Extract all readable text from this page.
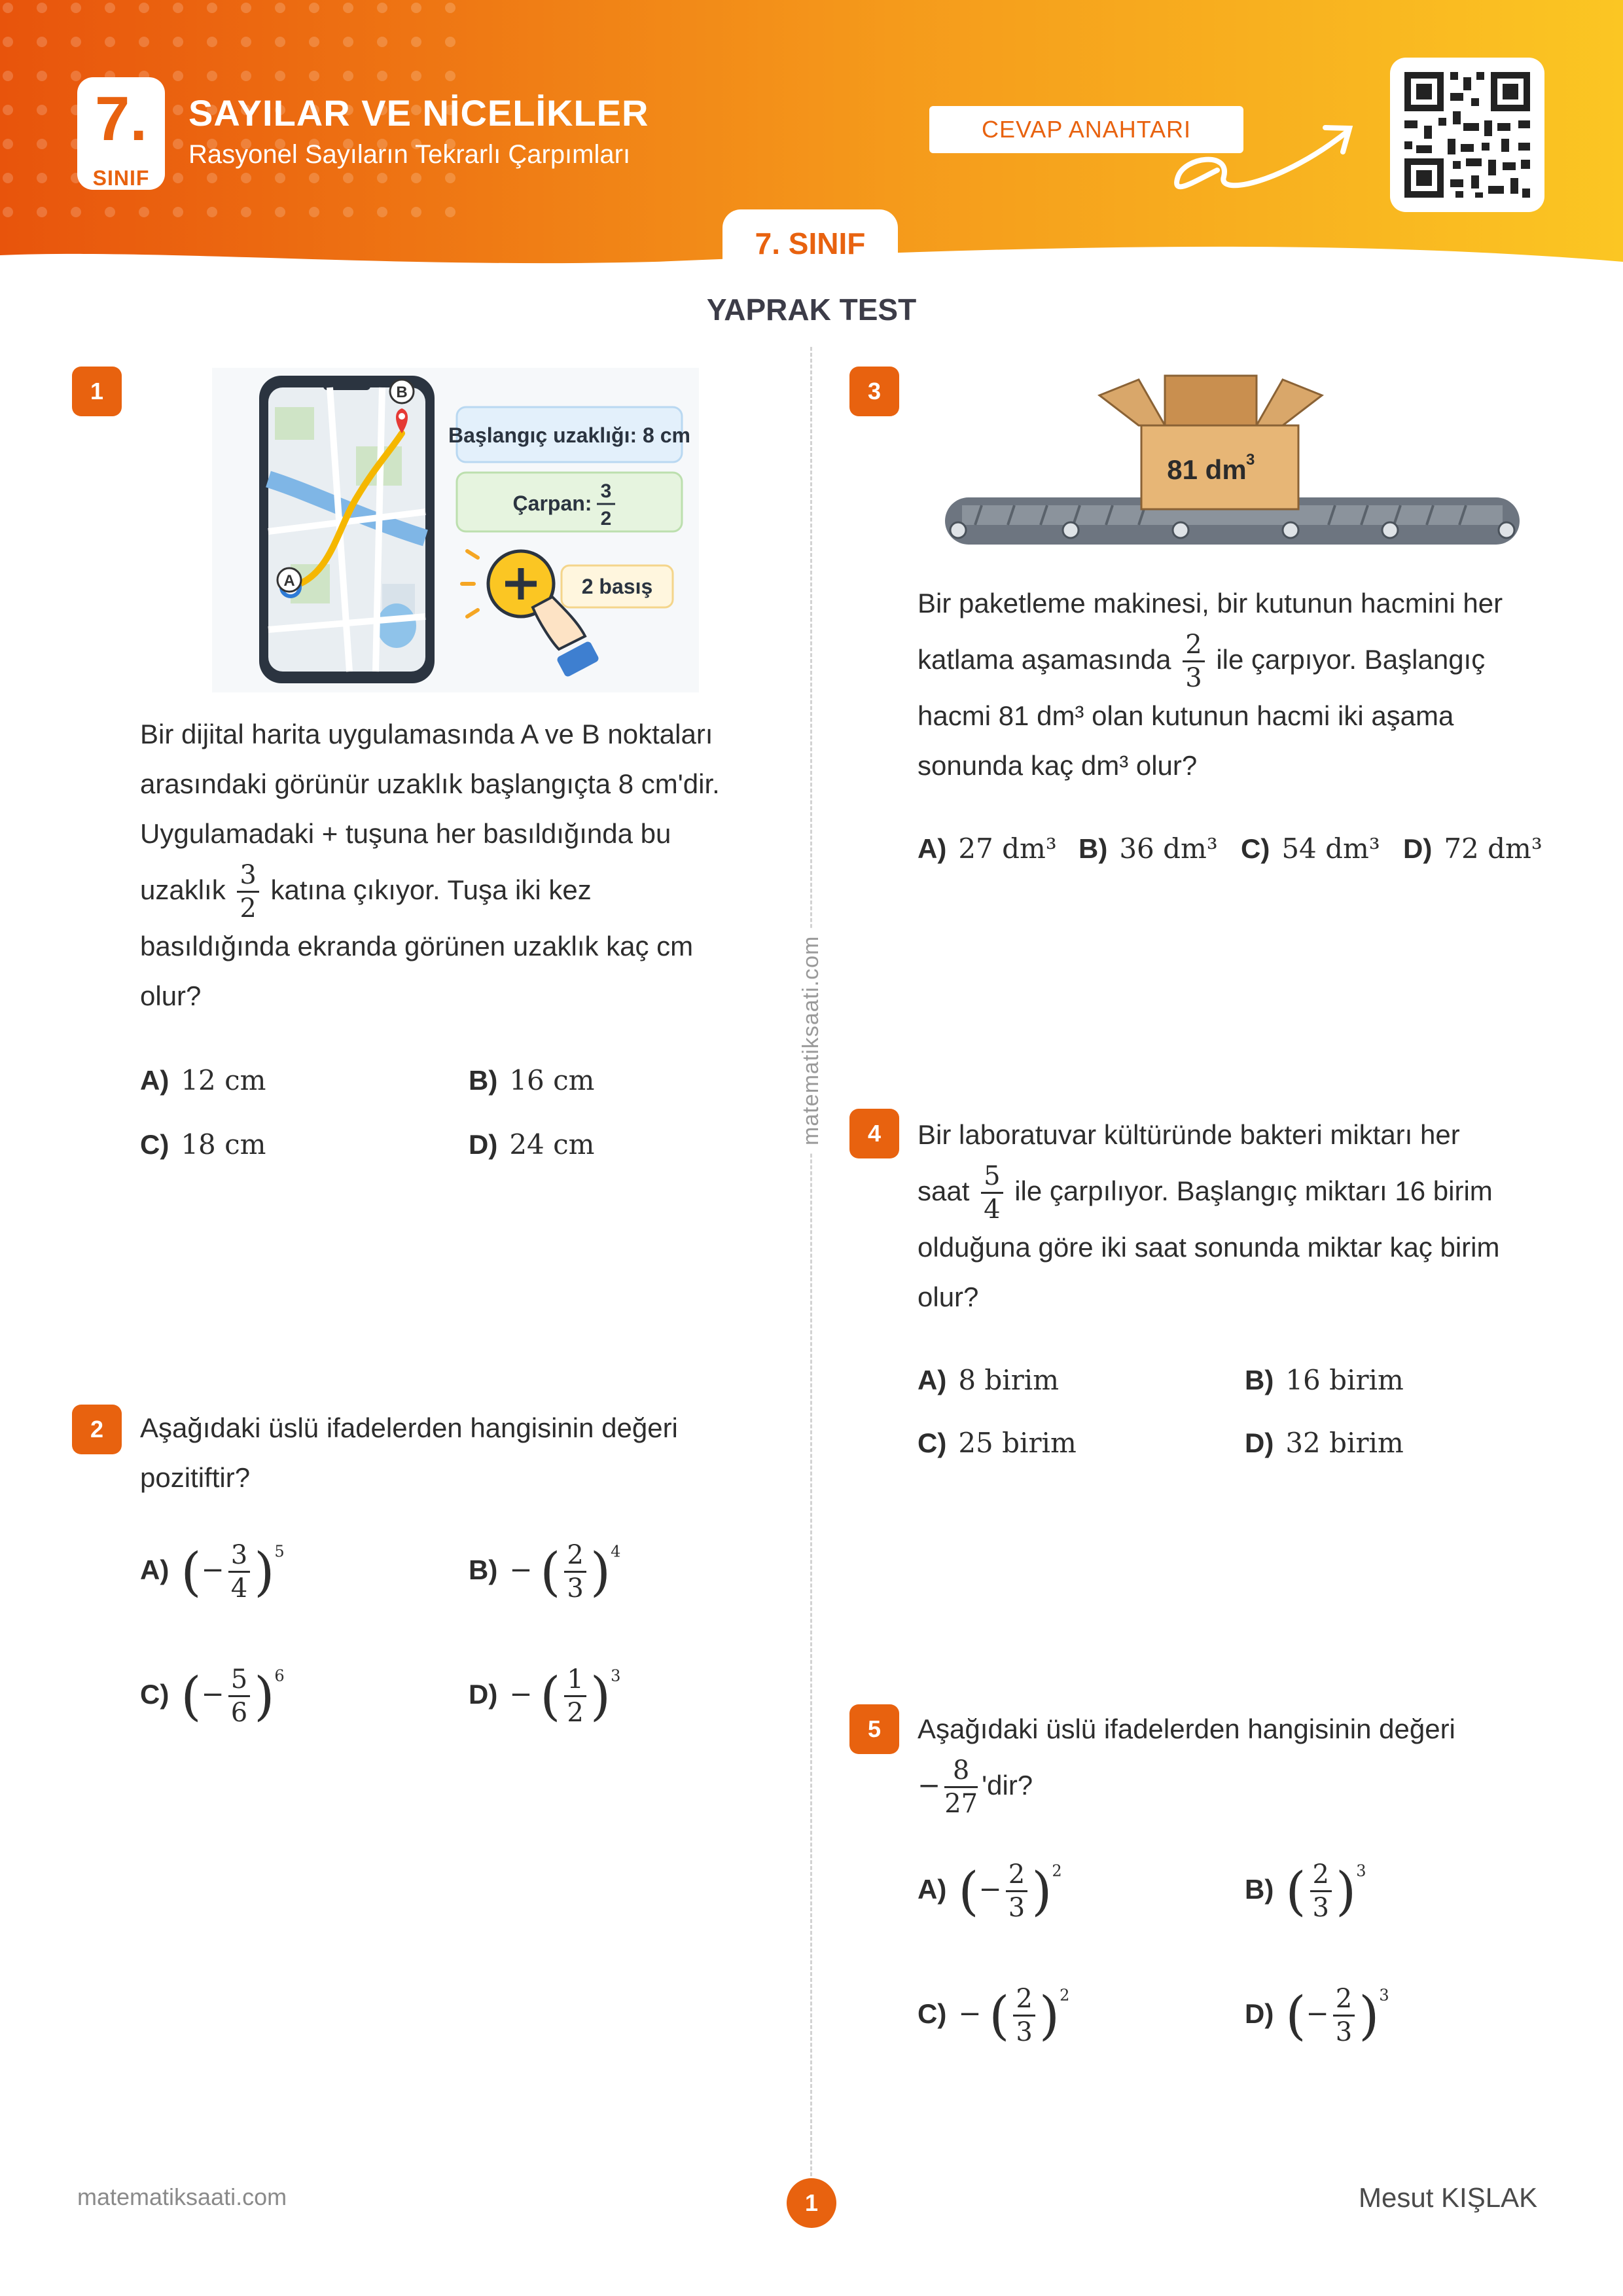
7.
SINIF
SAYILAR VE NİCELİKLER
Rasyonel Sayıların Tekrarlı Çarpımları
CEVAP ANAHTARI
7. SINIF
YAPRAK TEST
matematiksaati.com
1
A
B
Başlangıç uzaklığı: 8 cm
Çarpan:
3
2
2 basış
Bir dijital harita uygulamasında A ve B noktaları
arasındaki görünür uzaklık başlangıçta 8 cm'dir.
Uygulamadaki + tuşuna her basıldığında bu
uzaklık $\frac{3}{2}$ katına çıkıyor. Tuşa iki kez
basıldığında ekranda görünen uzaklık kaç cm
olur?
A) 12 cm	B) 16 cm
C) 18 cm	D) 24 cm
2	Aşağıdaki üslü ifadelerden hangisinin değeri
pozitiftir?
A) (− $\frac{3}{4} )^5$
B) − ( $\frac{2}{3} )^4$
C) (− $\frac{5}{6} )^6$
D) − ( $\frac{1}{2} )^3$
3
81 dm 3
Bir paketleme makinesi, bir kutunun hacmini her
katlama aşamasında $\frac{2}{3}$ ile çarpıyor. Başlangıç
hacmi 81 dm³ olan kutunun hacmi iki aşama
sonunda kaç dm³ olur?
A) 27 dm³ B) 36 dm³ C) 54 dm³ D) 72 dm³
4	Bir laboratuvar kültüründe bakteri miktarı her
saat $\frac{5}{4}$ ile çarpılıyor. Başlangıç miktarı 16 birim
olduğuna göre iki saat sonunda miktar kaç birim
olur?
A) 8 birim	B) 16 birim
C) 25 birim	D) 32 birim
5	Aşağıdaki üslü ifadelerden hangisinin değeri
− $\frac{8}{27}$ 'dir?
A) (− $\frac{2}{3} )^2$
B) ( $\frac{2}{3} )^3$
C) − ( $\frac{2}{3} )^2$
D) (− $\frac{2}{3} )^3$
matematiksaati.com	1	Mesut KIŞLAK
